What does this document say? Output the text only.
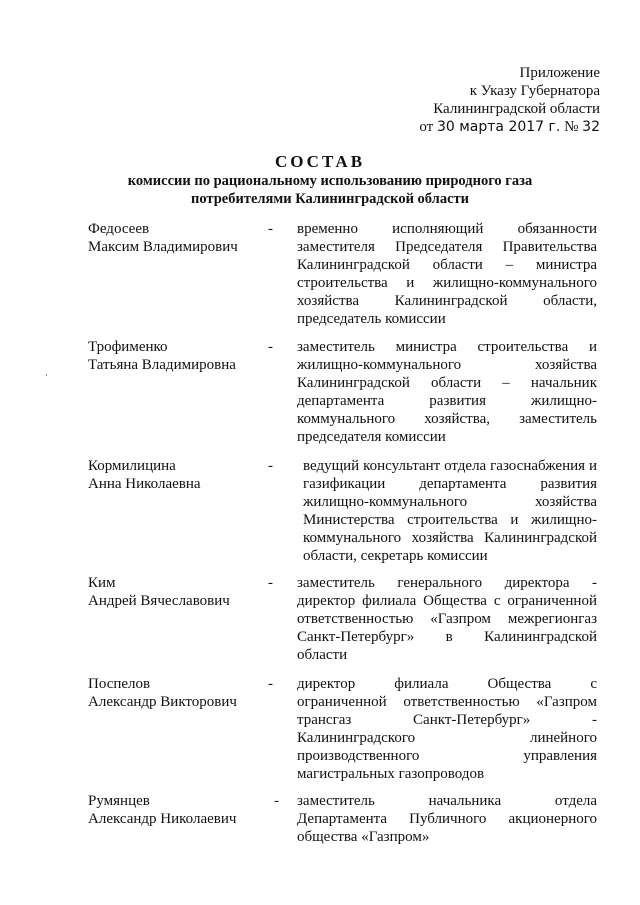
Приложение
к Указу Губернатора
Калининградской области
от 30 марта 2017 г. № 32
СОСТАВ
комиссии по рациональному использованию природного газа
потребителями Калининградской области
Федосеев
Максим Владимирович
- временно исполняющий обязанности
заместителя Председателя Правительства
Калининградской области – министра
строительства и жилищно-коммунального
хозяйства Калининградской области,
председатель комиссии
Трофименко
Татьяна Владимировна
- заместитель министра строительства и
жилищно-коммунального хозяйства
Калининградской области – начальник
департамента развития жилищно-
коммунального хозяйства, заместитель
председателя комиссии
Кормилицина
Анна Николаевна
- ведущий консультант отдела газоснабжения и
газификации департамента развития
жилищно-коммунального хозяйства
Министерства строительства и жилищно-
коммунального хозяйства Калининградской
области, секретарь комиссии
Ким
Андрей Вячеславович
- заместитель генерального директора -
директор филиала Общества с ограниченной
ответственностью «Газпром межрегионгаз
Санкт-Петербург» в Калининградской
области
Поспелов
Александр Викторович
- директор филиала Общества с
ограниченной ответственностью «Газпром
трансгаз Санкт-Петербург» -
Калининградского линейного
производственного управления
магистральных газопроводов
Румянцев
Александр Николаевич
- заместитель начальника отдела
Департамента Публичного акционерного
общества «Газпром»
